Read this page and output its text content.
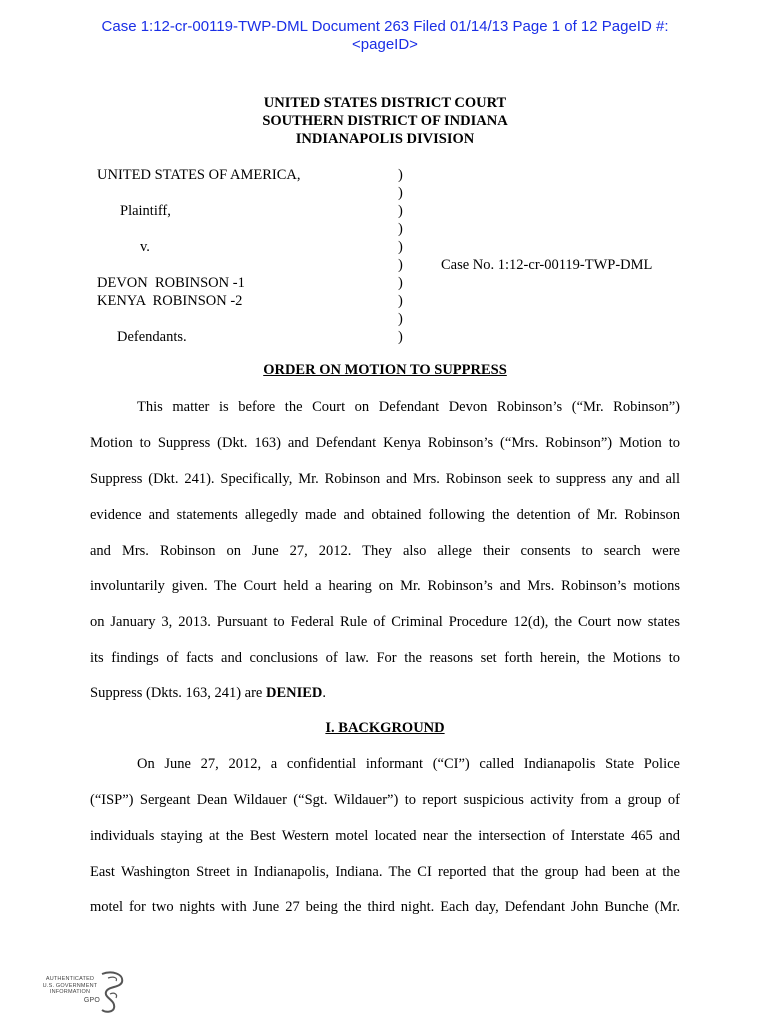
Case 1:12-cr-00119-TWP-DML Document 263 Filed 01/14/13 Page 1 of 12 PageID #:
<pageID>
UNITED STATES DISTRICT COURT
SOUTHERN DISTRICT OF INDIANA
INDIANAPOLIS DIVISION
UNITED STATES OF AMERICA,
Plaintiff,
v.
DEVON  ROBINSON -1
KENYA  ROBINSON -2
Defendants.
)
)
)
)
)
)
)
)
)
)
Case No. 1:12-cr-00119-TWP-DML
ORDER ON MOTION TO SUPPRESS
This matter is before the Court on Defendant Devon Robinson’s (“Mr. Robinson”)
Motion to Suppress (Dkt. 163) and Defendant Kenya Robinson’s (“Mrs. Robinson”) Motion to
Suppress (Dkt. 241). Specifically, Mr. Robinson and Mrs. Robinson seek to suppress any and all
evidence and statements allegedly made and obtained following the detention of Mr. Robinson
and Mrs. Robinson on June 27, 2012. They also allege their consents to search were
involuntarily given. The Court held a hearing on Mr. Robinson’s and Mrs. Robinson’s motions
on January 3, 2013. Pursuant to Federal Rule of Criminal Procedure 12(d), the Court now states
its findings of facts and conclusions of law. For the reasons set forth herein, the Motions to
Suppress (Dkts. 163, 241) are DENIED.
I. BACKGROUND
On June 27, 2012, a confidential informant (“CI”) called Indianapolis State Police
(“ISP”) Sergeant Dean Wildauer (“Sgt. Wildauer”) to report suspicious activity from a group of
individuals staying at the Best Western motel located near the intersection of Interstate 465 and
East Washington Street in Indianapolis, Indiana. The CI reported that the group had been at the
motel for two nights with June 27 being the third night. Each day, Defendant John Bunche (Mr.
AUTHENTICATED
U.S. GOVERNMENT
INFORMATION
GPO
